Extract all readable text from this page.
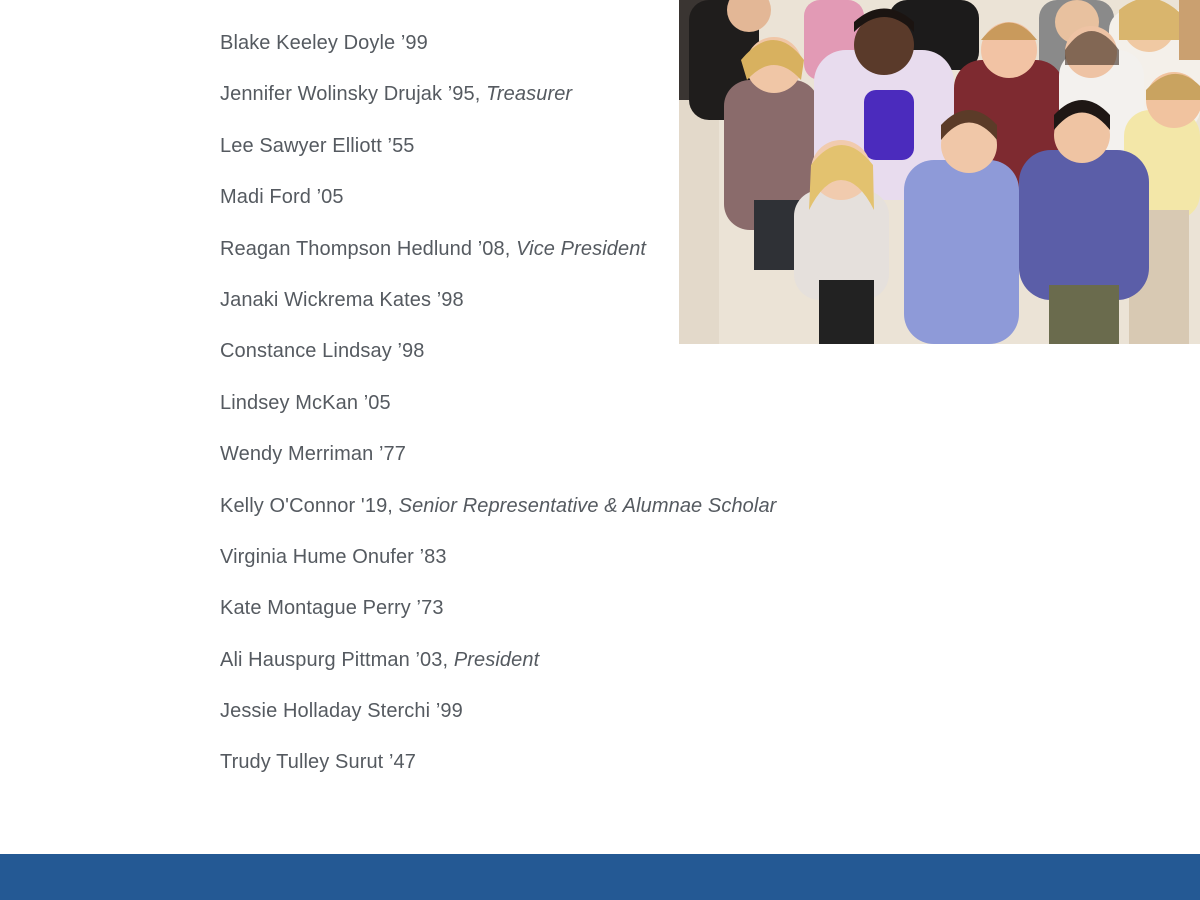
Blake Keeley Doyle ’99
Jennifer Wolinsky Drujak ’95, Treasurer
Lee Sawyer Elliott ’55
Madi Ford ’05
Reagan Thompson Hedlund ’08, Vice President
Janaki Wickrema Kates ’98
Constance Lindsay ’98
Lindsey McKan ’05
Wendy Merriman ’77
Kelly O'Connor '19, Senior Representative & Alumnae Scholar
Virginia Hume Onufer ’83
Kate Montague Perry ’73
Ali Hauspurg Pittman ’03, President
Jessie Holladay Sterchi ’99
Trudy Tulley Surut ’47
